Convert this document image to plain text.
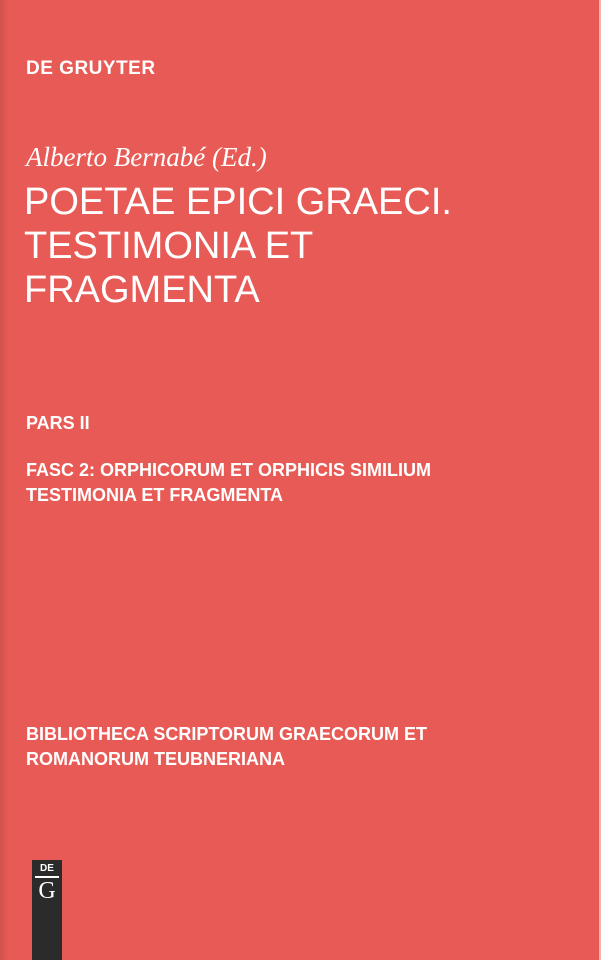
DE GRUYTER
Alberto Bernabé (Ed.)
POETAE EPICI GRAECI.
TESTIMONIA ET
FRAGMENTA
PARS II
FASC 2: ORPHICORUM ET ORPHICIS SIMILIUM
TESTIMONIA ET FRAGMENTA
BIBLIOTHECA SCRIPTORUM GRAECORUM ET
ROMANORUM TEUBNERIANA
DE
G
